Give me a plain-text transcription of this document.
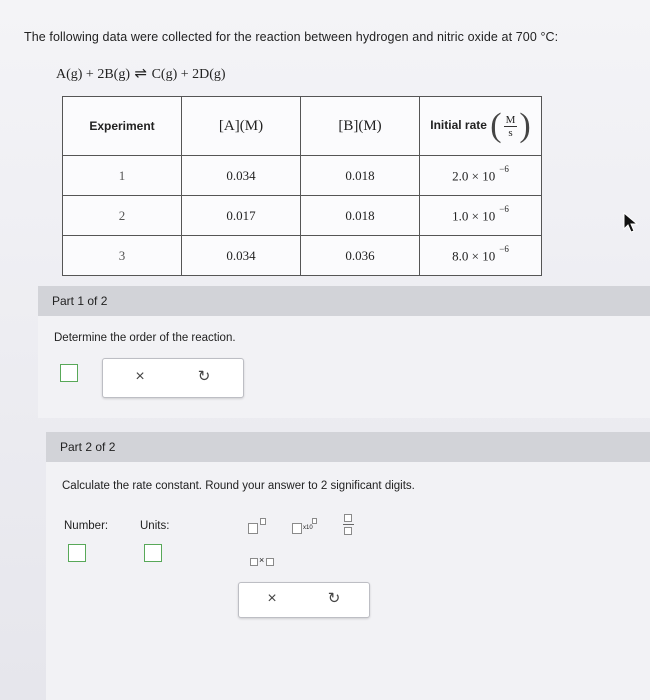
The following data were collected for the reaction between hydrogen and nitric oxide at 700 °C:
A(g) + 2B(g) ⇌ C(g) + 2D(g)
Experiment	[A](M)	[B](M)	Initial rate ( $\frac{M}{s}$ )

1	0.034	0.018	2.0 × 10 $^{-6}$
2	0.017	0.018	1.0 × 10 $^{-6}$
3	0.034	0.036	8.0 × 10 $^{-6}$
Part 1 of 2
Determine the order of the reaction.
×	↻
Part 2 of 2
Calculate the rate constant. Round your answer to 2 significant digits.
Number:	Units:	x10
×
×	↻
